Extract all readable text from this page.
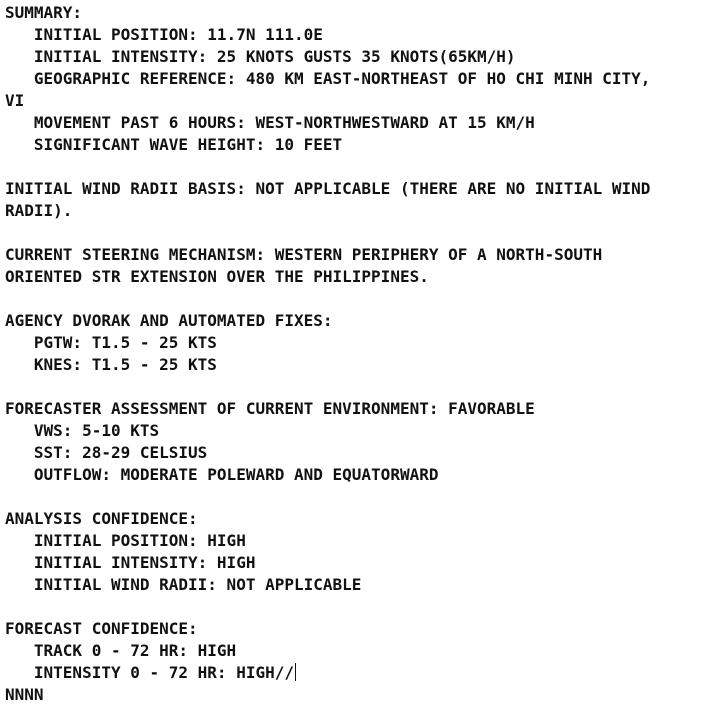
SUMMARY:
INITIAL POSITION: 11.7N 111.0E
INITIAL INTENSITY: 25 KNOTS GUSTS 35 KNOTS(65KM/H)
GEOGRAPHIC REFERENCE: 480 KM EAST-NORTHEAST OF HO CHI MINH CITY,
VI
MOVEMENT PAST 6 HOURS: WEST-NORTHWESTWARD AT 15 KM/H
SIGNIFICANT WAVE HEIGHT: 10 FEET
INITIAL WIND RADII BASIS: NOT APPLICABLE (THERE ARE NO INITIAL WIND
RADII).
CURRENT STEERING MECHANISM: WESTERN PERIPHERY OF A NORTH-SOUTH
ORIENTED STR EXTENSION OVER THE PHILIPPINES.
AGENCY DVORAK AND AUTOMATED FIXES:
PGTW: T1.5 - 25 KTS
KNES: T1.5 - 25 KTS
FORECASTER ASSESSMENT OF CURRENT ENVIRONMENT: FAVORABLE
VWS: 5-10 KTS
SST: 28-29 CELSIUS
OUTFLOW: MODERATE POLEWARD AND EQUATORWARD
ANALYSIS CONFIDENCE:
INITIAL POSITION: HIGH
INITIAL INTENSITY: HIGH
INITIAL WIND RADII: NOT APPLICABLE
FORECAST CONFIDENCE:
TRACK 0 - 72 HR: HIGH
INTENSITY 0 - 72 HR: HIGH//
NNNN
